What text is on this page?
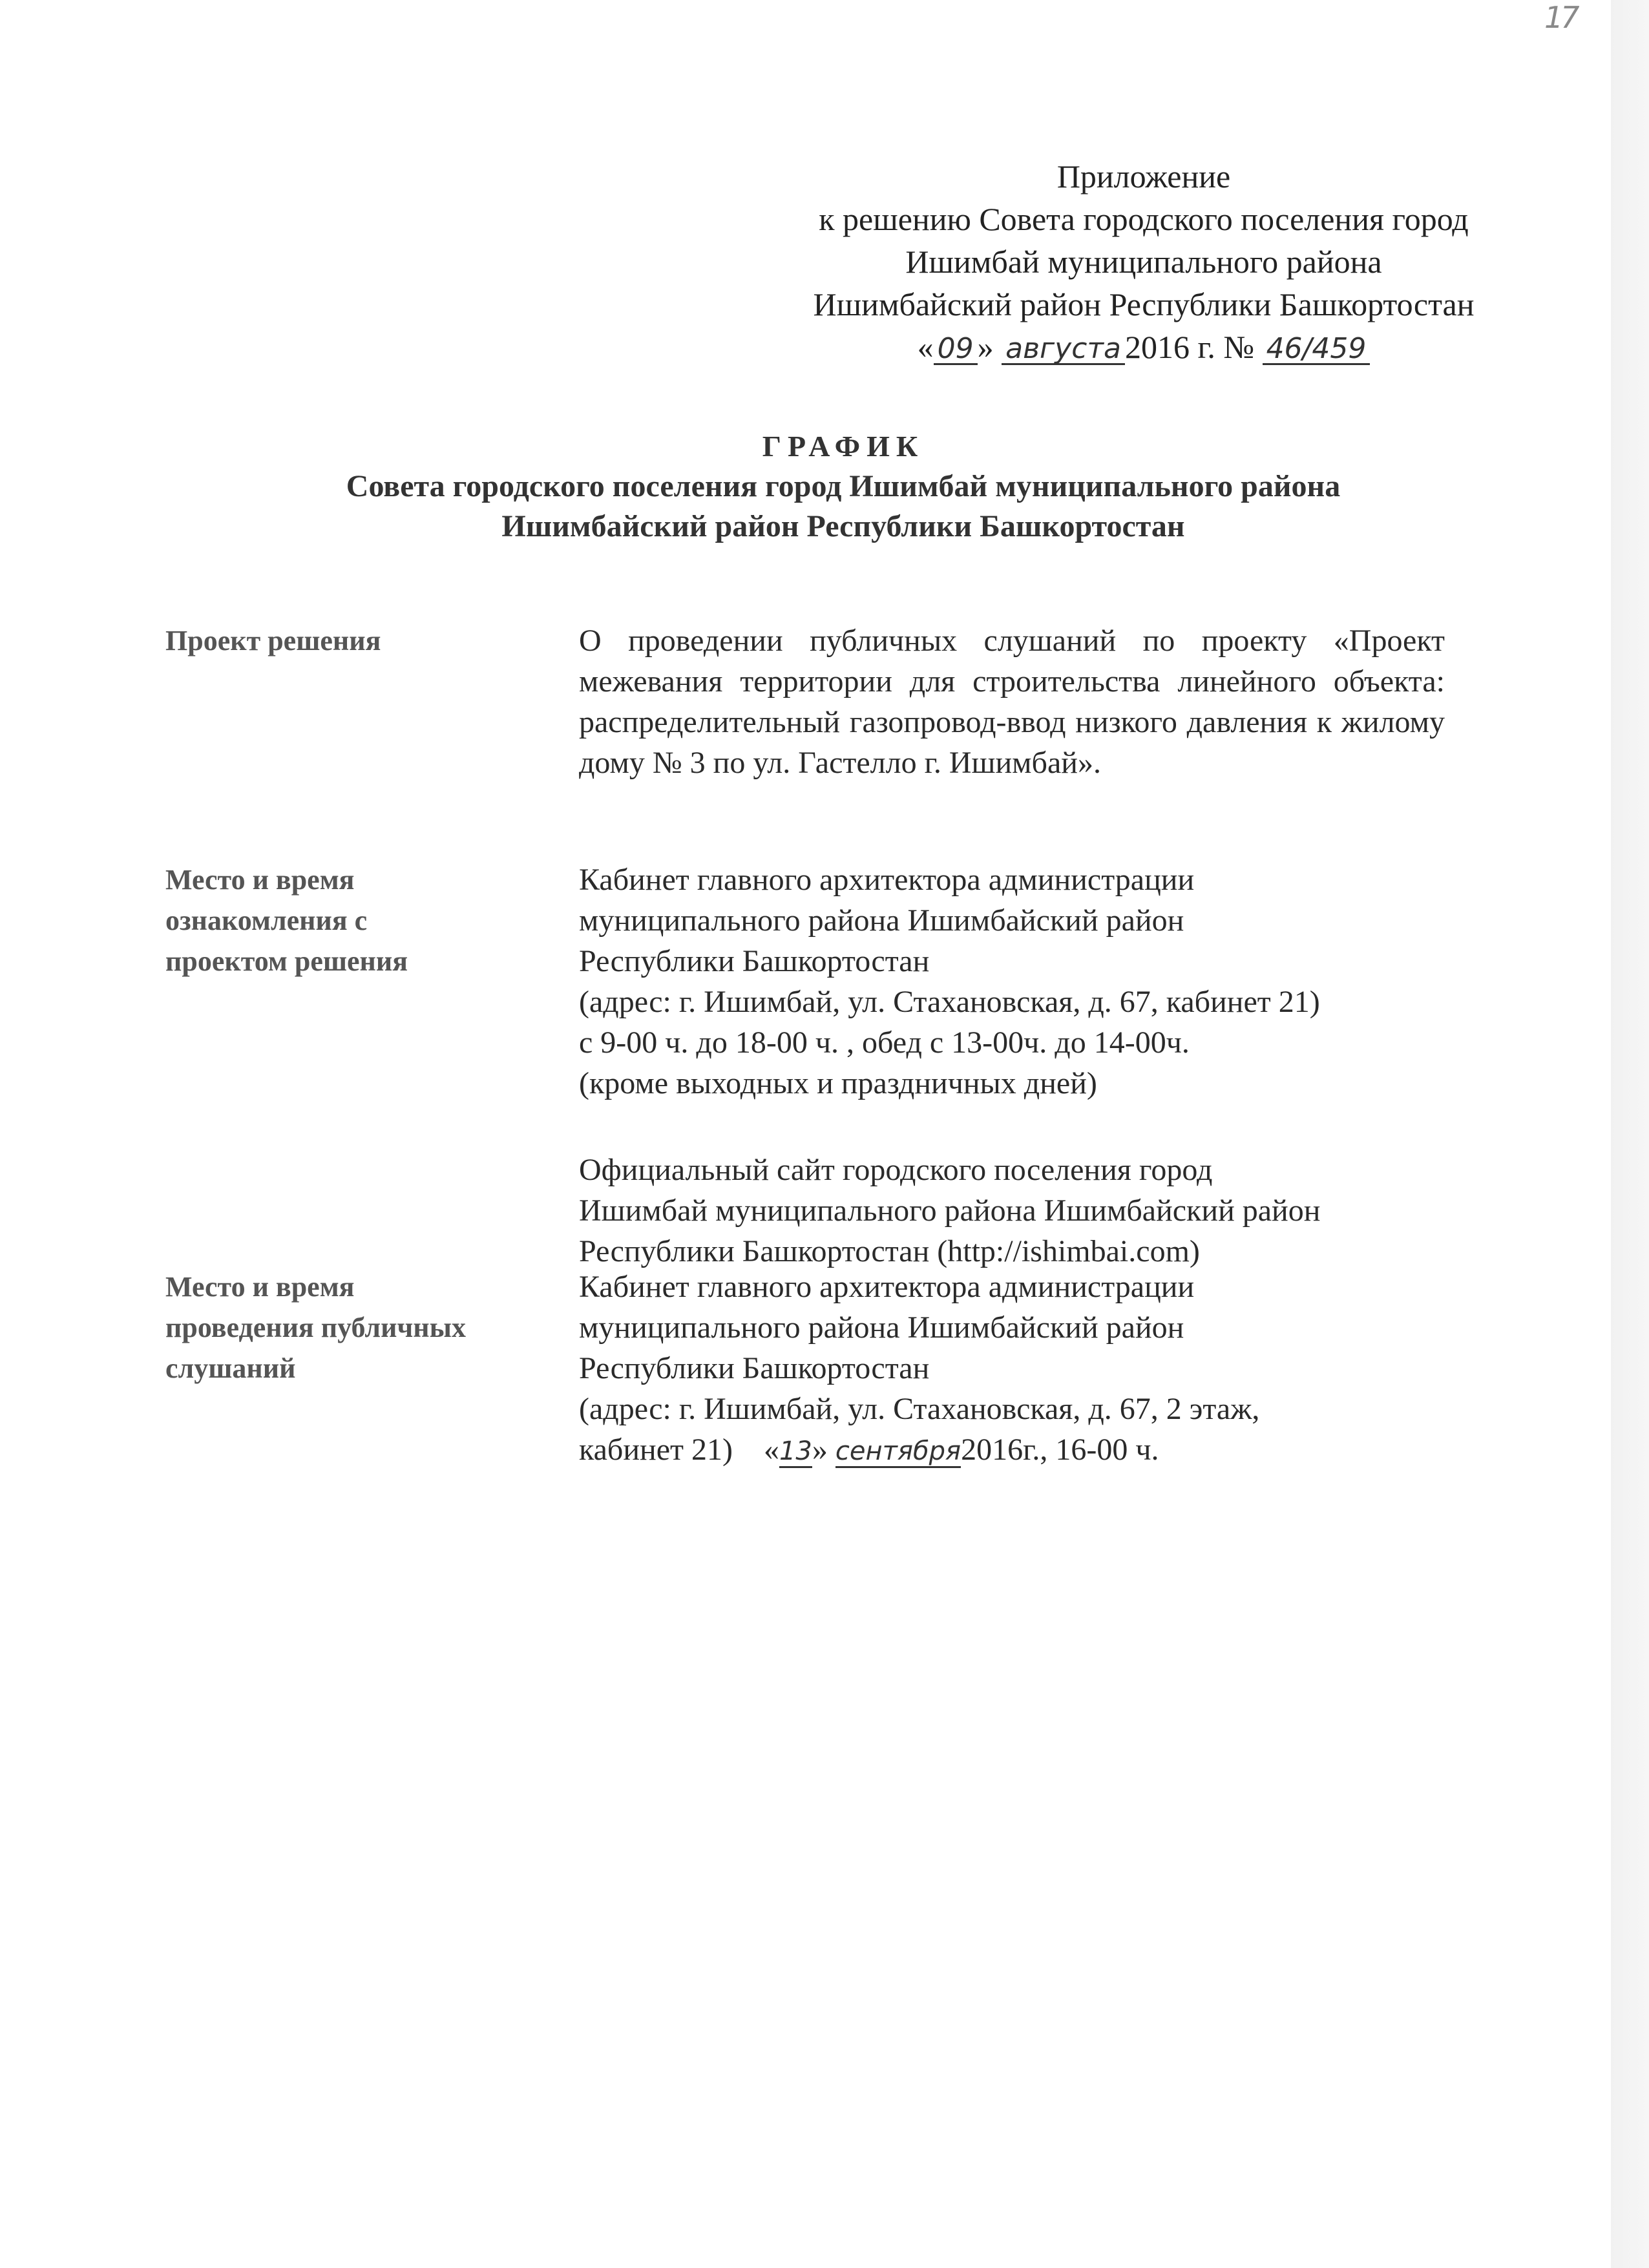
17
Приложение
к решению Совета городского поселения город
Ишимбай муниципального района
Ишимбайский район Республики Башкортостан
« 09 » августа 2016 г. № 46/459
ГРАФИК
Совета городского поселения город Ишимбай муниципального района
Ишимбайский район Республики Башкортостан
Проект решения	О проведении публичных слушаний по проекту «Проект межевания территории для строительства линейного объекта: распределительный газопровод-ввод низкого давления к жилому дому № 3 по ул. Гастелло г. Ишимбай».
Место и время
ознакомления с
проектом решения
Кабинет главного архитектора администрации
муниципального района Ишимбайский район
Республики Башкортостан
(адрес: г. Ишимбай, ул. Стахановская, д. 67, кабинет 21)
с 9-00 ч. до 18-00 ч. , обед с 13-00ч. до 14-00ч.
(кроме выходных и праздничных дней)
Официальный сайт городского поселения город
Ишимбай муниципального района Ишимбайский район
Республики Башкортостан (http://ishimbai.com)
Место и время
проведения публичных
слушаний
Кабинет главного архитектора администрации
муниципального района Ишимбайский район
Республики Башкортостан
(адрес: г. Ишимбай, ул. Стахановская, д. 67, 2 этаж,
кабинет 21)    «13» сентября2016г., 16-00 ч.
